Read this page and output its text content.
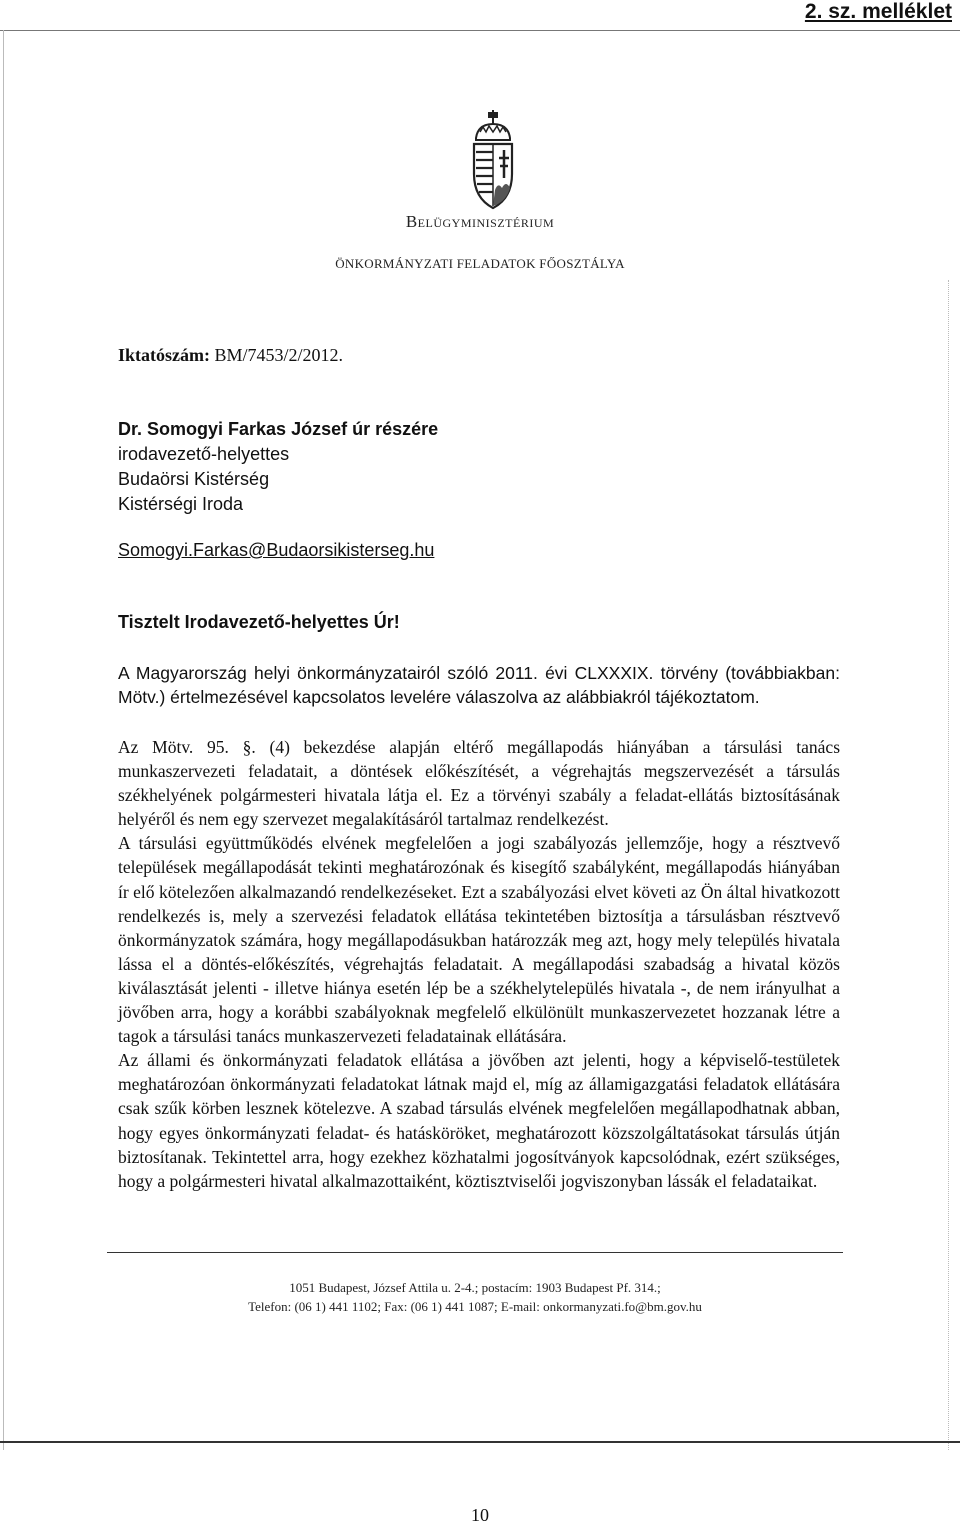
2. sz. melléklet
Belügyminisztérium
ÖNKORMÁNYZATI FELADATOK FŐOSZTÁLYA
Iktatószám: BM/7453/2/2012.
Dr. Somogyi Farkas József úr részére
irodavezető-helyettes
Budaörsi Kistérség
Kistérségi Iroda
Somogyi.Farkas@Budaorsikisterseg.hu
Tisztelt Irodavezető-helyettes Úr!
A Magyarország helyi önkormányzatairól szóló 2011. évi CLXXXIX. törvény (továbbiakban: Mötv.) értelmezésével kapcsolatos levelére válaszolva az alábbiakról tájékoztatom.

Az Mötv. 95. §. (4) bekezdése alapján eltérő megállapodás hiányában a társulási tanács munkaszervezeti feladatait, a döntések előkészítését, a végrehajtás megszervezését a társulás székhelyének polgármesteri hivatala látja el. Ez a törvényi szabály a feladat-ellátás biztosításának helyéről és nem egy szervezet megalakításáról tartalmaz rendelkezést.

A társulási együttműködés elvének megfelelően a jogi szabályozás jellemzője, hogy a résztvevő települések megállapodását tekinti meghatározónak és kisegítő szabályként, megállapodás hiányában ír elő kötelezően alkalmazandó rendelkezéseket. Ezt a szabályozási elvet követi az Ön által hivatkozott rendelkezés is, mely a szervezési feladatok ellátása tekintetében biztosítja a társulásban résztvevő önkormányzatok számára, hogy megállapodásukban határozzák meg azt, hogy mely település hivatala lássa el a döntés-előkészítés, végrehajtás feladatait. A megállapodási szabadság a hivatal közös kiválasztását jelenti - illetve hiánya esetén lép be a székhelytelepülés hivatala -, de nem irányulhat a jövőben arra, hogy a korábbi szabályoknak megfelelő elkülönült munkaszervezetet hozzanak létre a tagok a társulási tanács munkaszervezeti feladatainak ellátására.

Az állami és önkormányzati feladatok ellátása a jövőben azt jelenti, hogy a képviselő-testületek meghatározóan önkormányzati feladatokat látnak majd el, míg az államigazgatási feladatok ellátására csak szűk körben lesznek kötelezve. A szabad társulás elvének megfelelően megállapodhatnak abban, hogy egyes önkormányzati feladat- és hatásköröket, meghatározott közszolgáltatásokat társulás útján biztosítanak. Tekintettel arra, hogy ezekhez közhatalmi jogosítványok kapcsolódnak, ezért szükséges, hogy a polgármesteri hivatal alkalmazottaiként, köztisztviselői jogviszonyban lássák el feladataikat.

1051 Budapest, József Attila u. 2-4.; postacím: 1903 Budapest Pf. 314.;
Telefon: (06 1) 441 1102; Fax: (06 1) 441 1087; E-mail: onkormanyzati.fo@bm.gov.hu
10
